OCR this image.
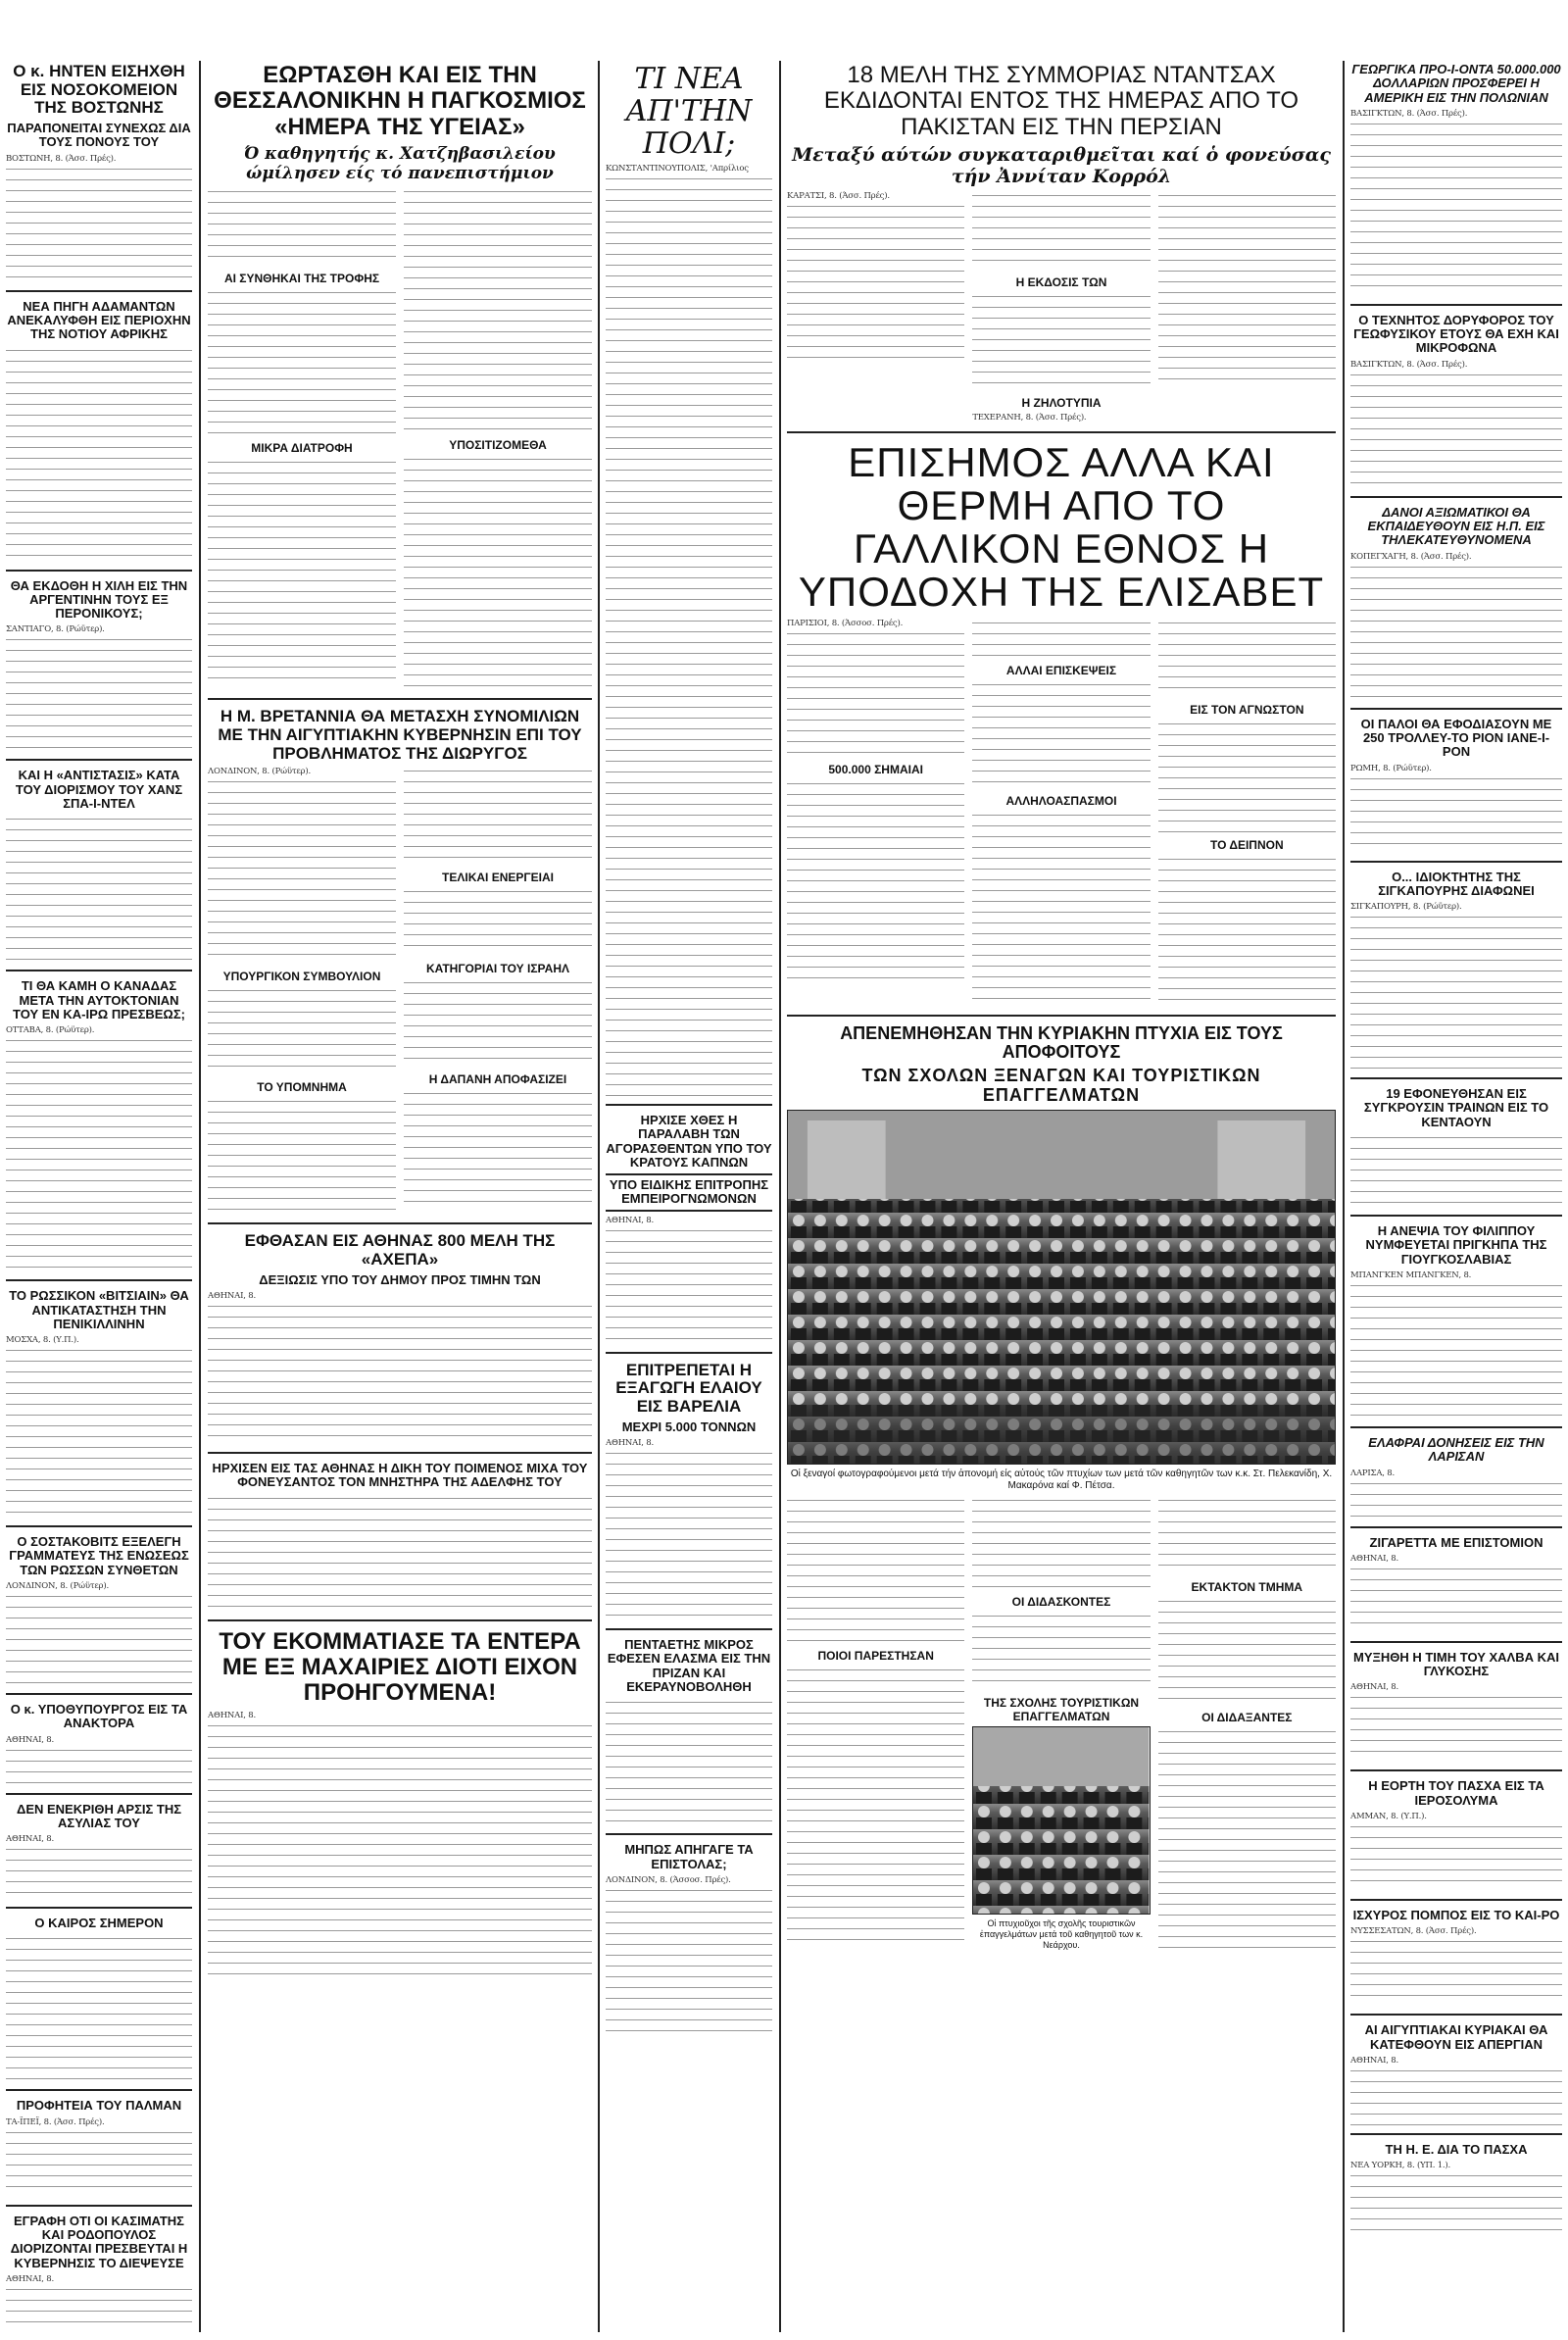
Ο κ. ΗΝΤΕΝ ΕΙΣΗΧΘΗ ΕΙΣ ΝΟΣΟΚΟΜΕΙΟΝ ΤΗΣ ΒΟΣΤΩΝΗΣ
ΠΑΡΑΠΟΝΕΙΤΑΙ ΣΥΝΕΧΩΣ ΔΙΑ ΤΟΥΣ ΠΟΝΟΥΣ ΤΟΥ
ΒΟΣΤΩΝΗ, 8. (Άσσ. Πρές).
ΝΕΑ ΠΗΓΗ ΑΔΑΜΑΝΤΩΝ ΑΝΕΚΑΛΥΦΘΗ ΕΙΣ ΠΕΡΙΟΧΗΝ ΤΗΣ ΝΟΤΙΟΥ ΑΦΡΙΚΗΣ
ΘΑ ΕΚΔΟΘΗ Η ΧΙΛΗ ΕΙΣ ΤΗΝ ΑΡΓΕΝΤΙΝΗΝ ΤΟΥΣ ΕΞ ΠΕΡΟΝΙΚΟΥΣ;
ΣΑΝΤΙΑΓΟ, 8. (Ρώϋτερ).
ΚΑΙ Η «ΑΝΤΙΣΤΑΣΙΣ» ΚΑΤΑ ΤΟΥ ΔΙΟΡΙΣΜΟΥ ΤΟΥ ΧΑΝΣ ΣΠΑ-Ι-ΝΤΕΛ
ΤΙ ΘΑ ΚΑΜΗ Ο ΚΑΝΑΔΑΣ ΜΕΤΑ ΤΗΝ ΑΥΤΟΚΤΟΝΙΑΝ ΤΟΥ ΕΝ ΚΑ-ΙΡΩ ΠΡΕΣΒΕΩΣ;
ΟΤΤΑΒΑ, 8. (Ρώϋτερ).
ΤΟ ΡΩΣΣΙΚΟΝ «ΒΙΤΣΙΑΙΝ» ΘΑ ΑΝΤΙΚΑΤΑΣΤΗΣΗ ΤΗΝ ΠΕΝΙΚΙΛΛΙΝΗΝ
ΜΟΣΧΑ, 8. (Υ.Π.).
Ο ΣΟΣΤΑΚΟΒΙΤΣ ΕΞΕΛΕΓΗ ΓΡΑΜΜΑΤΕΥΣ ΤΗΣ ΕΝΩΣΕΩΣ ΤΩΝ ΡΩΣΣΩΝ ΣΥΝΘΕΤΩΝ
ΛΟΝΔΙΝΟΝ, 8. (Ρώϋτερ).
Ο κ. ΥΠΟΘΥΠΟΥΡΓΟΣ ΕΙΣ ΤΑ ΑΝΑΚΤΟΡΑ
ΑΘΗΝΑΙ, 8.
ΔΕΝ ΕΝΕΚΡΙΘΗ ΑΡΣΙΣ ΤΗΣ ΑΣΥΛΙΑΣ ΤΟΥ
ΑΘΗΝΑΙ, 8.
Ο ΚΑΙΡΟΣ ΣΗΜΕΡΟΝ
ΠΡΟΦΗΤΕΙΑ ΤΟΥ ΠΑΛΜΑΝ
ΤΑ-ΪΠΕΪ, 8. (Άσσ. Πρές).
ΕΓΡΑΦΗ ΟΤΙ ΟΙ ΚΑΣΙΜΑΤΗΣ ΚΑΙ ΡΟΔΟΠΟΥΛΟΣ ΔΙΟΡΙΖΟΝΤΑΙ ΠΡΕΣΒΕΥΤΑΙ Η ΚΥΒΕΡΝΗΣΙΣ ΤΟ ΔΙΕΨΕΥΣΕ
ΑΘΗΝΑΙ, 8.
ΕΩΡΤΑΣΘΗ ΚΑΙ ΕΙΣ ΤΗΝ ΘΕΣΣΑΛΟΝΙΚΗΝ Η ΠΑΓΚΟΣΜΙΟΣ «ΗΜΕΡΑ ΤΗΣ ΥΓΕΙΑΣ»
Ό καθηγητής κ. Χατζηβασιλείου ώμίλησεν είς τό πανεπιστήμιον
ΑΙ ΣΥΝΘΗΚΑΙ ΤΗΣ ΤΡΟΦΗΣ
ΜΙΚΡΑ ΔΙΑΤΡΟΦΗ	ΥΠΟΣΙΤΙΖΟΜΕΘΑ
Η Μ. ΒΡΕΤΑΝΝΙΑ ΘΑ ΜΕΤΑΣΧΗ ΣΥΝΟΜΙΛΙΩΝ ΜΕ ΤΗΝ ΑΙΓΥΠΤΙΑΚΗΝ ΚΥΒΕΡΝΗΣΙΝ ΕΠΙ ΤΟΥ ΠΡΟΒΛΗΜΑΤΟΣ ΤΗΣ ΔΙΩΡΥΓΟΣ
ΛΟΝΔΙΝΟΝ, 8. (Ρώϋτερ).
ΥΠΟΥΡΓΙΚΟΝ ΣΥΜΒΟΥΛΙΟΝ
ΤΟ ΥΠΟΜΝΗΜΑ
ΤΕΛΙΚΑΙ ΕΝΕΡΓΕΙΑΙ
ΚΑΤΗΓΟΡΙΑΙ ΤΟΥ ΙΣΡΑΗΛ
Η ΔΑΠΑΝΗ ΑΠΟΦΑΣΙΖΕΙ
ΕΦΘΑΣΑΝ ΕΙΣ ΑΘΗΝΑΣ 800 ΜΕΛΗ ΤΗΣ «ΑΧΕΠΑ»
ΔΕΞΙΩΣΙΣ ΥΠΟ ΤΟΥ ΔΗΜΟΥ ΠΡΟΣ ΤΙΜΗΝ ΤΩΝ
ΑΘΗΝΑΙ, 8.
ΗΡΧΙΣΕΝ ΕΙΣ ΤΑΣ ΑΘΗΝΑΣ Η ΔΙΚΗ ΤΟΥ ΠΟΙΜΕΝΟΣ ΜΙΧΑ ΤΟΥ ΦΟΝΕΥΣΑΝΤΟΣ ΤΟΝ ΜΝΗΣΤΗΡΑ ΤΗΣ ΑΔΕΛΦΗΣ ΤΟΥ
ΤΟΥ ΕΚΟΜΜΑΤΙΑΣΕ ΤΑ ΕΝΤΕΡΑ ΜΕ ΕΞ ΜΑΧΑΙΡΙΕΣ ΔΙΟΤΙ ΕΙΧΟΝ ΠΡΟΗΓΟΥΜΕΝΑ!
ΑΘΗΝΑΙ, 8.
ΤΙ ΝΕΑ ΑΠ'ΤΗΝ ΠΟΛΙ;
ΚΩΝΣΤΑΝΤΙΝΟΥΠΟΛΙΣ, 'Απρίλιος
ΗΡΧΙΣΕ ΧΘΕΣ Η ΠΑΡΑΛΑΒΗ ΤΩΝ ΑΓΟΡΑΣΘΕΝΤΩΝ ΥΠΟ ΤΟΥ ΚΡΑΤΟΥΣ ΚΑΠΝΩΝ
ΥΠΟ ΕΙΔΙΚΗΣ ΕΠΙΤΡΟΠΗΣ ΕΜΠΕΙΡΟΓΝΩΜΟΝΩΝ
ΑΘΗΝΑΙ, 8.
ΕΠΙΤΡΕΠΕΤΑΙ Η ΕΞΑΓΩΓΗ ΕΛΑΙΟΥ ΕΙΣ ΒΑΡΕΛΙΑ
ΜΕΧΡΙ 5.000 ΤΟΝΝΩΝ
ΑΘΗΝΑΙ, 8.
ΠΕΝΤΑΕΤΗΣ ΜΙΚΡΟΣ ΕΦΕΣΕΝ ΕΛΑΣΜΑ ΕΙΣ ΤΗΝ ΠΡΙΖΑΝ ΚΑΙ ΕΚΕΡΑΥΝΟΒΟΛΗΘΗ
ΜΗΠΩΣ ΑΠΗΓΑΓΕ ΤΑ ΕΠΙΣΤΟΛΑΣ;
ΛΟΝΔΙΝΟΝ, 8. (Άσσοσ. Πρές).
18 ΜΕΛΗ ΤΗΣ ΣΥΜΜΟΡΙΑΣ ΝΤΑΝΤΣΑΧ ΕΚΔΙΔΟΝΤΑΙ ΕΝΤΟΣ ΤΗΣ ΗΜΕΡΑΣ ΑΠΟ ΤΟ ΠΑΚΙΣΤΑΝ ΕΙΣ ΤΗΝ ΠΕΡΣΙΑΝ
Μεταξύ αύτών συγκαταριθμεῖται καί ὁ φονεύσας τήν Ἀννίταν Κορρόλ
ΚΑΡΑΤΣΙ, 8. (Άσσ. Πρές).
Η ΕΚΔΟΣΙΣ ΤΩΝ
Η ΖΗΛΟΤΥΠΙΑ
ΤΕΧΕΡΑΝΗ, 8. (Άσσ. Πρές).
ΕΠΙΣΗΜΟΣ ΑΛΛΑ ΚΑΙ ΘΕΡΜΗ ΑΠΟ ΤΟ ΓΑΛΛΙΚΟΝ ΕΘΝΟΣ Η ΥΠΟΔΟΧΗ ΤΗΣ ΕΛΙΣΑΒΕΤ
ΠΑΡΙΣΙΟΙ, 8. (Άσσοσ. Πρές).
500.000 ΣΗΜΑΙΑΙ
ΑΛΛΑΙ ΕΠΙΣΚΕΨΕΙΣ
ΑΛΛΗΛΟΑΣΠΑΣΜΟΙ
ΕΙΣ ΤΟΝ ΑΓΝΩΣΤΟΝ
ΤΟ ΔΕΙΠΝΟΝ
ΑΠΕΝΕΜΗΘΗΣΑΝ ΤΗΝ ΚΥΡΙΑΚΗΝ ΠΤΥΧΙΑ ΕΙΣ ΤΟΥΣ ΑΠΟΦΟΙΤΟΥΣ
ΤΩΝ ΣΧΟΛΩΝ ΞΕΝΑΓΩΝ ΚΑΙ ΤΟΥΡΙΣΤΙΚΩΝ ΕΠΑΓΓΕΛΜΑΤΩΝ
Οἱ ξεναγοί φωτογραφούμενοι μετά τήν ἀπονομή είς αὐτούς τῶν πτυχίων των μετά τῶν καθηγητῶν των κ.κ. Στ. Πελεκανίδη, Χ. Μακαρόνα καί Φ. Πέτσα.
ΠΟΙΟΙ ΠΑΡΕΣΤΗΣΑΝ
ΟΙ ΔΙΔΑΣΚΟΝΤΕΣ
ΤΗΣ ΣΧΟΛΗΣ ΤΟΥΡΙΣΤΙΚΩΝ ΕΠΑΓΓΕΛΜΑΤΩΝ
Οἱ πτυχιοῦχοι τῆς σχολῆς τουριστικῶν ἐπαγγελμάτων μετά τοῦ καθηγητοῦ των κ. Νεάρχου.
ΕΚΤΑΚΤΟΝ ΤΜΗΜΑ
ΟΙ ΔΙΔΑΞΑΝΤΕΣ
ΓΕΩΡΓΙΚΑ ΠΡΟ-Ι-ΟΝΤΑ 50.000.000 ΔΟΛΛΑΡΙΩΝ ΠΡΟΣΦΕΡΕΙ Η ΑΜΕΡΙΚΗ ΕΙΣ ΤΗΝ ΠΟΛΩΝΙΑΝ
ΒΑΣΙΓΚΤΩΝ, 8. (Άσσ. Πρές).
Ο ΤΕΧΝΗΤΟΣ ΔΟΡΥΦΟΡΟΣ ΤΟΥ ΓΕΩΦΥΣΙΚΟΥ ΕΤΟΥΣ ΘΑ ΕΧΗ ΚΑΙ ΜΙΚΡΟΦΩΝΑ
ΒΑΣΙΓΚΤΩΝ, 8. (Άσσ. Πρές).
ΔΑΝΟΙ ΑΞΙΩΜΑΤΙΚΟΙ ΘΑ ΕΚΠΑΙΔΕΥΘΟΥΝ ΕΙΣ Η.Π. ΕΙΣ ΤΗΛΕΚΑΤΕΥΘΥΝΟΜΕΝΑ
ΚΟΠΕΓΧΑΓΗ, 8. (Άσσ. Πρές).
ΟΙ ΠΑΛΟΙ ΘΑ ΕΦΟΔΙΑΣΟΥΝ ΜΕ 250 ΤΡΟΛΛΕΥ-ΤΟ ΡΙΟΝ ΙΑΝΕ-Ι-ΡΟΝ
ΡΩΜΗ, 8. (Ρώϋτερ).
Ο... ΙΔΙΟΚΤΗΤΗΣ ΤΗΣ ΣΙΓΚΑΠΟΥΡΗΣ ΔΙΑΦΩΝΕΙ
ΣΙΓΚΑΠΟΥΡΗ, 8. (Ρώϋτερ).
19 ΕΦΟΝΕΥΘΗΣΑΝ ΕΙΣ ΣΥΓΚΡΟΥΣΙΝ ΤΡΑΙΝΩΝ ΕΙΣ ΤΟ ΚΕΝΤΑΟΥΝ
Η ΑΝΕΨΙΑ ΤΟΥ ΦΙΛΙΠΠΟΥ ΝΥΜΦΕΥΕΤΑΙ ΠΡΙΓΚΗΠΑ ΤΗΣ ΓΙΟΥΓΚΟΣΛΑΒΙΑΣ
ΜΠΑΝΓΚΕΝ ΜΠΑΝΓΚΕΝ, 8.
ΕΛΑΦΡΑΙ ΔΟΝΗΣΕΙΣ ΕΙΣ ΤΗΝ ΛΑΡΙΣΑΝ
ΛΑΡΙΣΑ, 8.
ΖΙΓΑΡΕΤΤΑ ΜΕ ΕΠΙΣΤΟΜΙΟΝ
ΑΘΗΝΑΙ, 8.
ΜΥΞΗΘΗ Η ΤΙΜΗ ΤΟΥ ΧΑΛΒΑ ΚΑΙ ΓΛΥΚΟΣΗΣ
ΑΘΗΝΑΙ, 8.
Η ΕΟΡΤΗ ΤΟΥ ΠΑΣΧΑ ΕΙΣ ΤΑ ΙΕΡΟΣΟΛΥΜΑ
ΑΜΜΑΝ, 8. (Υ.Π.).
ΙΣΧΥΡΟΣ ΠΟΜΠΟΣ ΕΙΣ ΤΟ ΚΑΙ-ΡΟ
ΝΥΣΣΕΣΑΤΩΝ, 8. (Άσσ. Πρές).
ΑΙ ΑΙΓΥΠΤΙΑΚΑΙ ΚΥΡΙΑΚΑΙ ΘΑ ΚΑΤΕΦΘΟΥΝ ΕΙΣ ΑΠΕΡΓΙΑΝ
ΑΘΗΝΑΙ, 8.
ΤΗ Η. Ε. ΔΙΑ ΤΟ ΠΑΣΧΑ
ΝΕΑ ΥΟΡΚΗ, 8. (ΥΠ. 1.).
